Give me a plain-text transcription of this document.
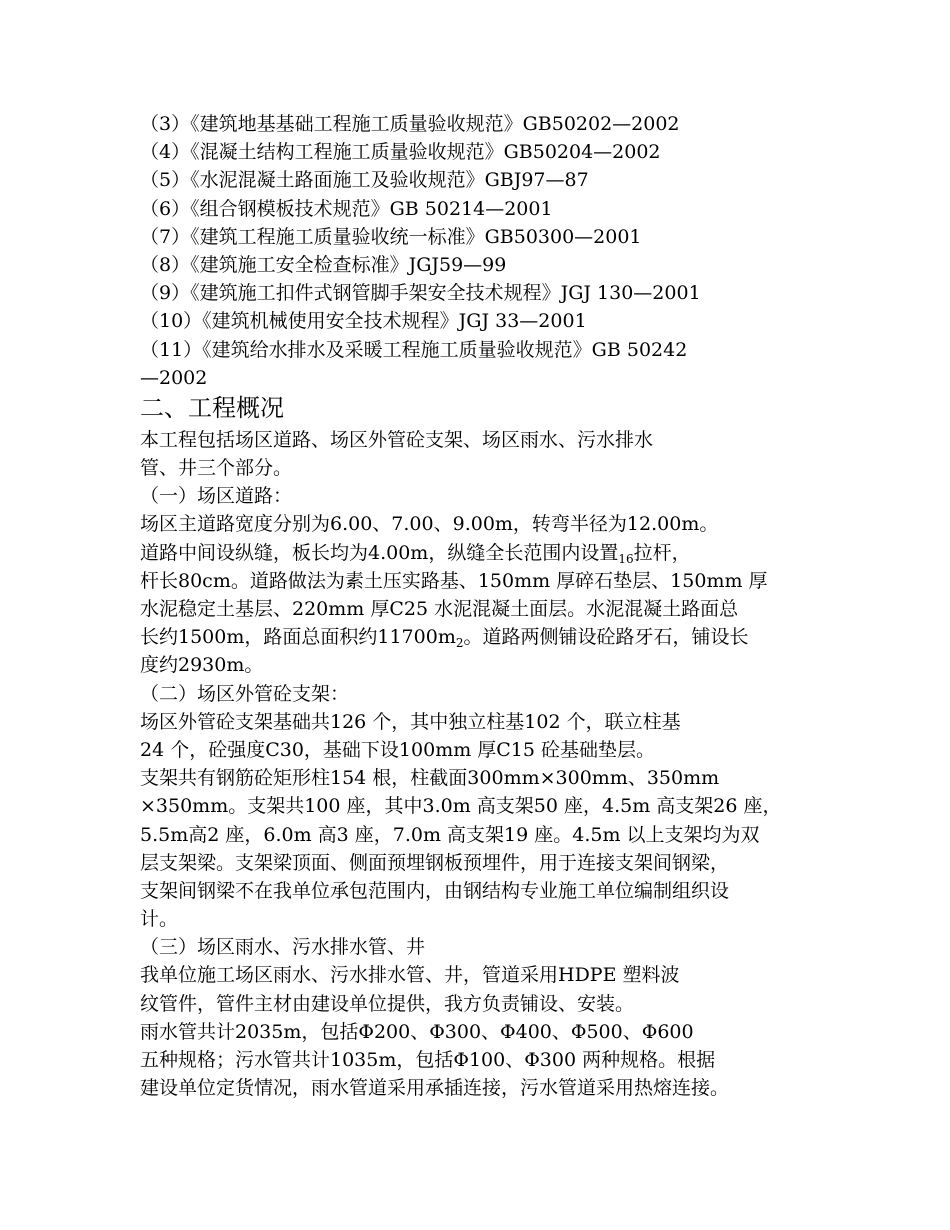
（3）《建筑地基基础工程施工质量验收规范》GB50202—2002
（4）《混凝土结构工程施工质量验收规范》GB50204—2002
（5）《水泥混凝土路面施工及验收规范》GBJ97—87
（6）《组合钢模板技术规范》GB 50214—2001
（7）《建筑工程施工质量验收统一标准》GB50300—2001
（8）《建筑施工安全检查标准》JGJ59—99
（9）《建筑施工扣件式钢管脚手架安全技术规程》JGJ 130—2001
（10）《建筑机械使用安全技术规程》JGJ 33—2001
（11）《建筑给水排水及采暖工程施工质量验收规范》GB 50242
—2002
二、工程概况
本工程包括场区道路、场区外管砼支架、场区雨水、污水排水
管、井三个部分。
（一）场区道路：
场区主道路宽度分别为6.00、7.00、9.00m，转弯半径为12.00m。
道路中间设纵缝，板长均为4.00m，纵缝全长范围内设置$_{16}$拉杆，
杆长80cm。道路做法为素土压实路基、150mm 厚碎石垫层、150mm 厚
水泥稳定土基层、220mm 厚C25 水泥混凝土面层。水泥混凝土路面总
长约1500m，路面总面积约$11700m_2$。道路两侧铺设砼路牙石，铺设长
度约2930m。
（二）场区外管砼支架：
场区外管砼支架基础共126 个，其中独立柱基102 个，联立柱基
24 个，砼强度C30，基础下设100mm 厚C15 砼基础垫层。
支架共有钢筋砼矩形柱154 根，柱截面300mm×300mm、350mm
×350mm。支架共100 座，其中3.0m 高支架50 座，4.5m 高支架26 座，
5.5m高2 座，6.0m 高3 座，7.0m 高支架19 座。4.5m 以上支架均为双
层支架梁。支架梁顶面、侧面预埋钢板预埋件，用于连接支架间钢梁，
支架间钢梁不在我单位承包范围内，由钢结构专业施工单位编制组织设
计。
（三）场区雨水、污水排水管、井
我单位施工场区雨水、污水排水管、井，管道采用HDPE 塑料波
纹管件，管件主材由建设单位提供，我方负责铺设、安装。
雨水管共计2035m，包括Φ200、Φ300、Φ400、Φ500、Φ600
五种规格；污水管共计1035m，包括Φ100、Φ300 两种规格。根据
建设单位定货情况，雨水管道采用承插连接，污水管道采用热熔连接。
